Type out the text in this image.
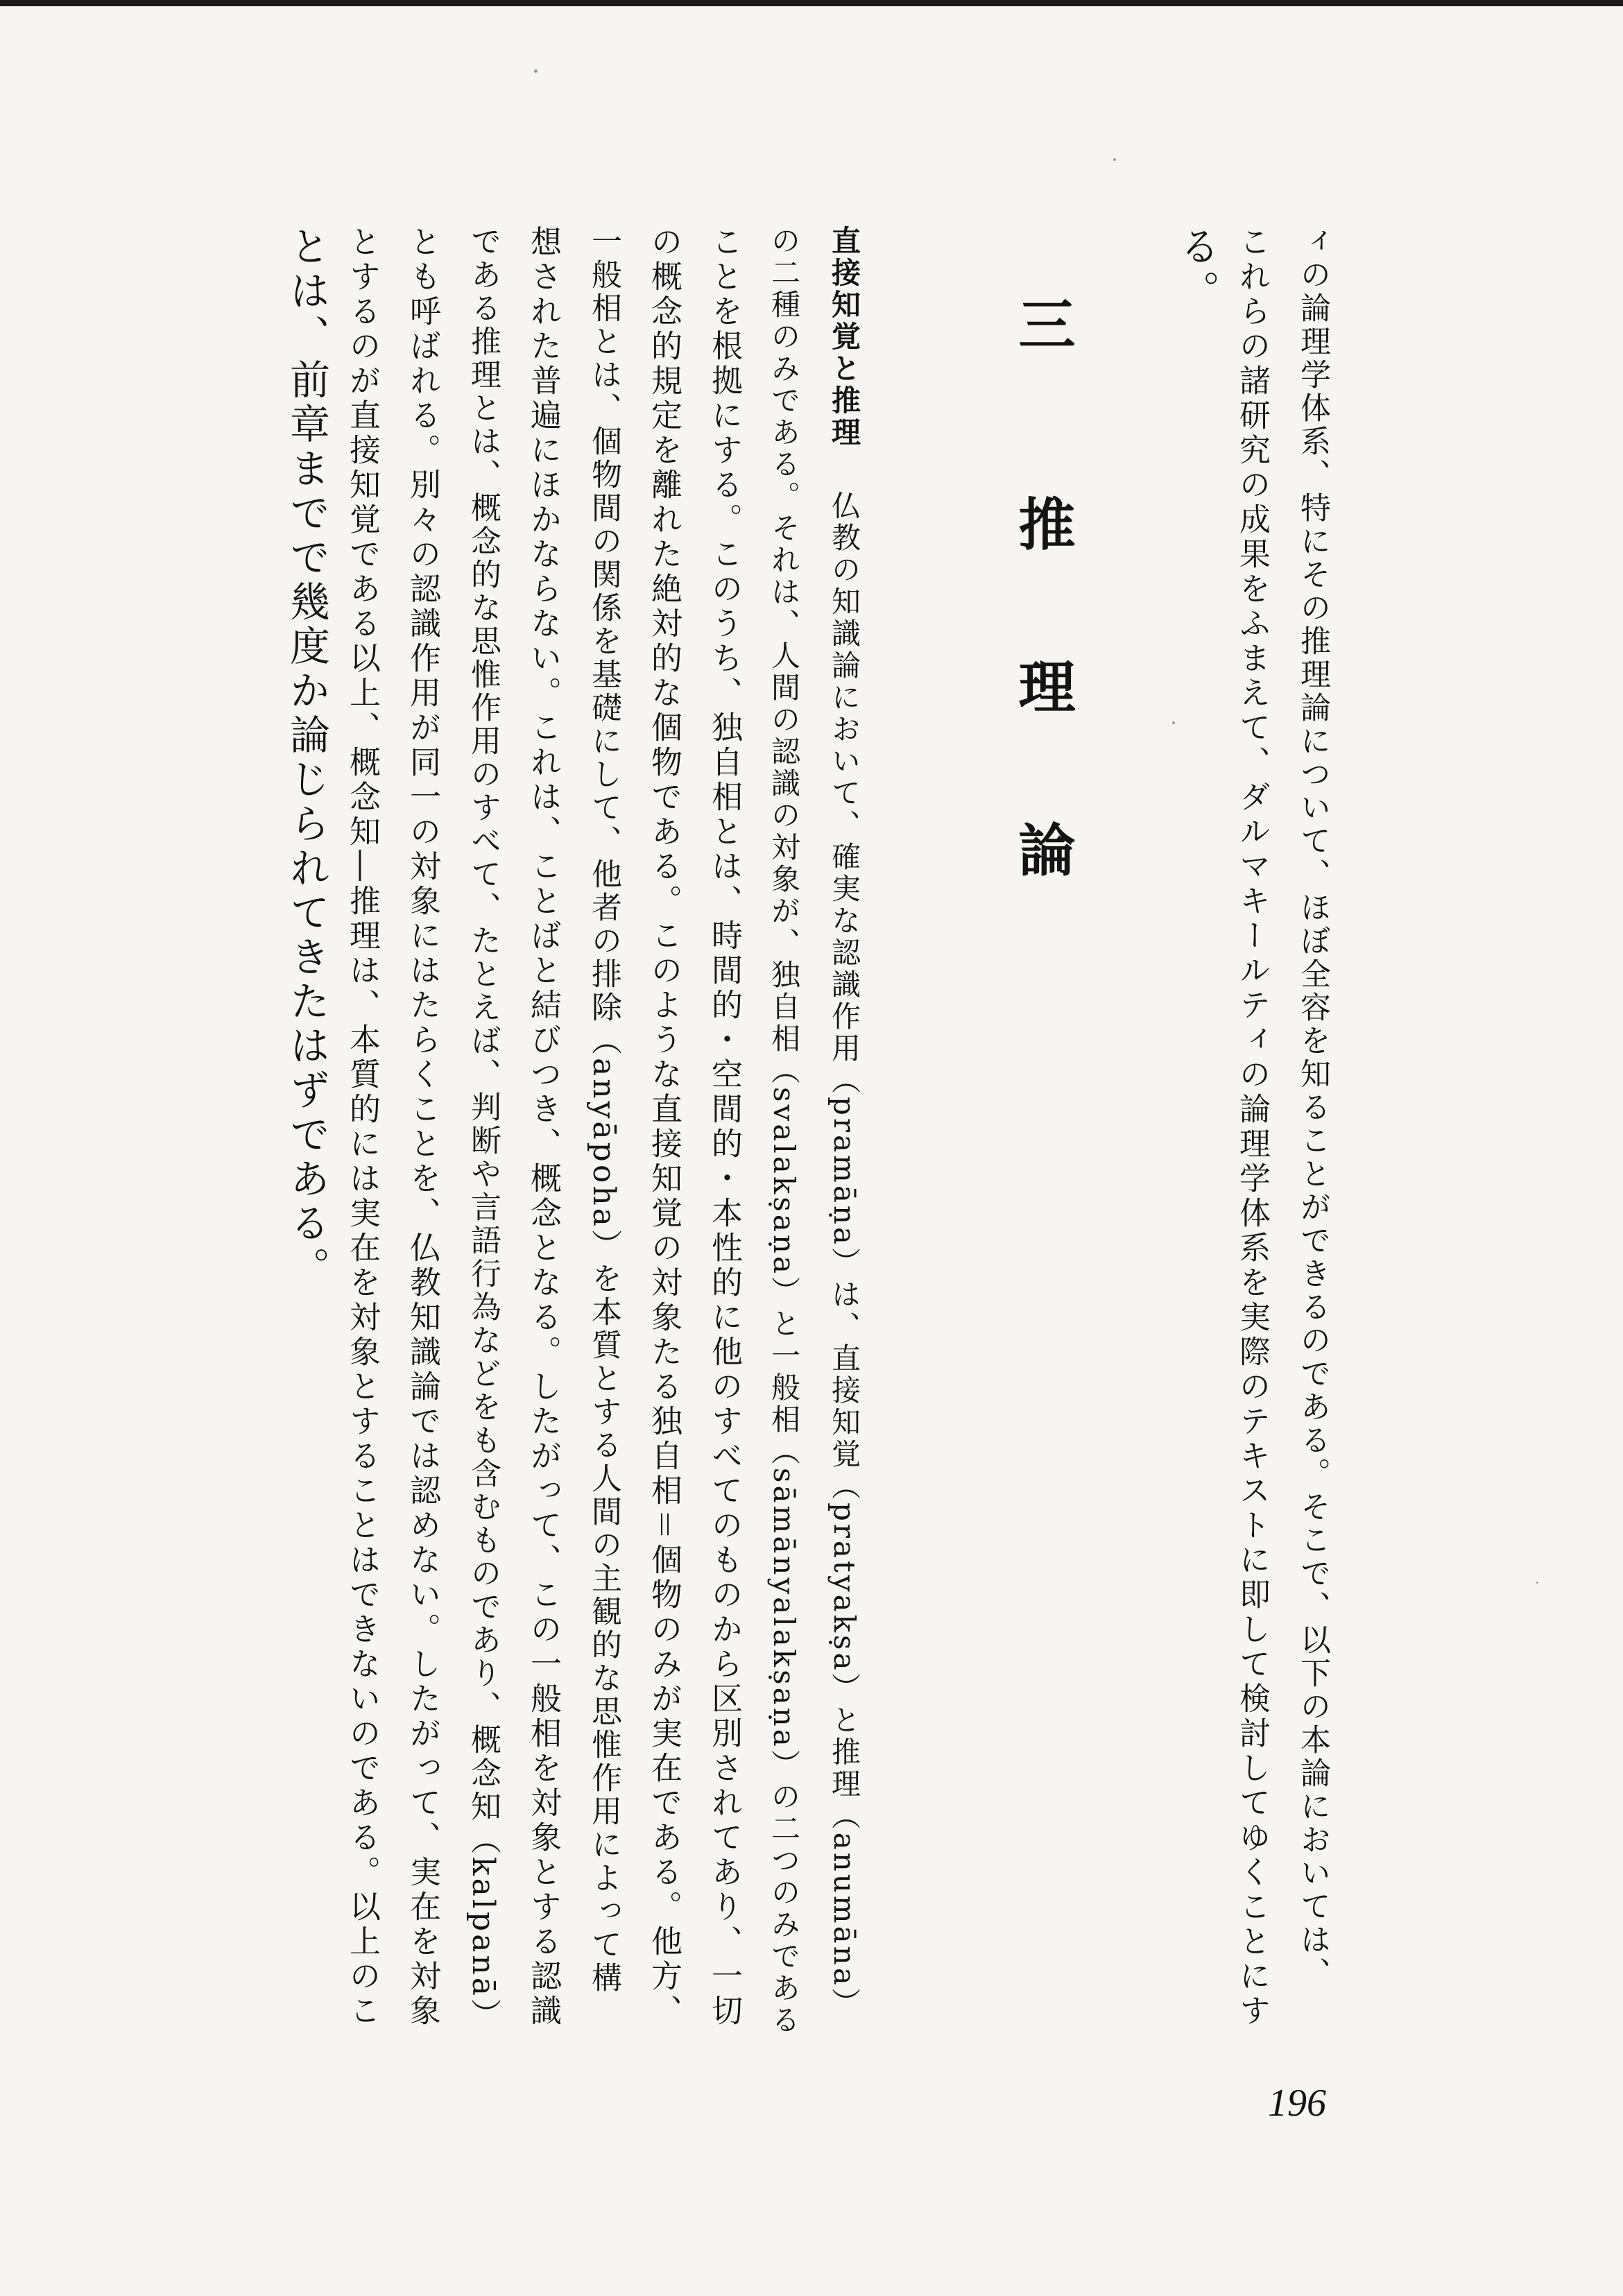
ィの論理学体系、特にその推理論について、ほぼ全容を知ることができるのである。そこで、以下の本論においては、
これらの諸研究の成果をふまえて、ダルマキールティの論理学体系を実際のテキストに即して検討してゆくことにす
る。
三　推 理 論
直接知覚と推理仏教の知識論において、確実な認識作用（pramāṇa）は、直接知覚（pratyakṣa）と推理（anumāna）
の二種のみである。それは、人間の認識の対象が、独自相（svalakṣaṇa）と一般相（sāmānyalakṣaṇa）の二つのみである
ことを根拠にする。このうち、独自相とは、時間的・空間的・本性的に他のすべてのものから区別されてあり、一切
の概念的規定を離れた絶対的な個物である。このような直接知覚の対象たる独自相＝個物のみが実在である。他方、
一般相とは、個物間の関係を基礎にして、他者の排除（anyāpoha）を本質とする人間の主観的な思惟作用によって構
想された普遍にほかならない。これは、ことばと結びつき、概念となる。したがって、この一般相を対象とする認識
である推理とは、概念的な思惟作用のすべて、たとえば、判断や言語行為などをも含むものであり、概念知（kalpanā）
とも呼ばれる。別々の認識作用が同一の対象にはたらくことを、仏教知識論では認めない。したがって、実在を対象
とするのが直接知覚である以上、概念知―推理は、本質的には実在を対象とすることはできないのである。以上のこ
とは、前章までで幾度か論じられてきたはずである。
196
